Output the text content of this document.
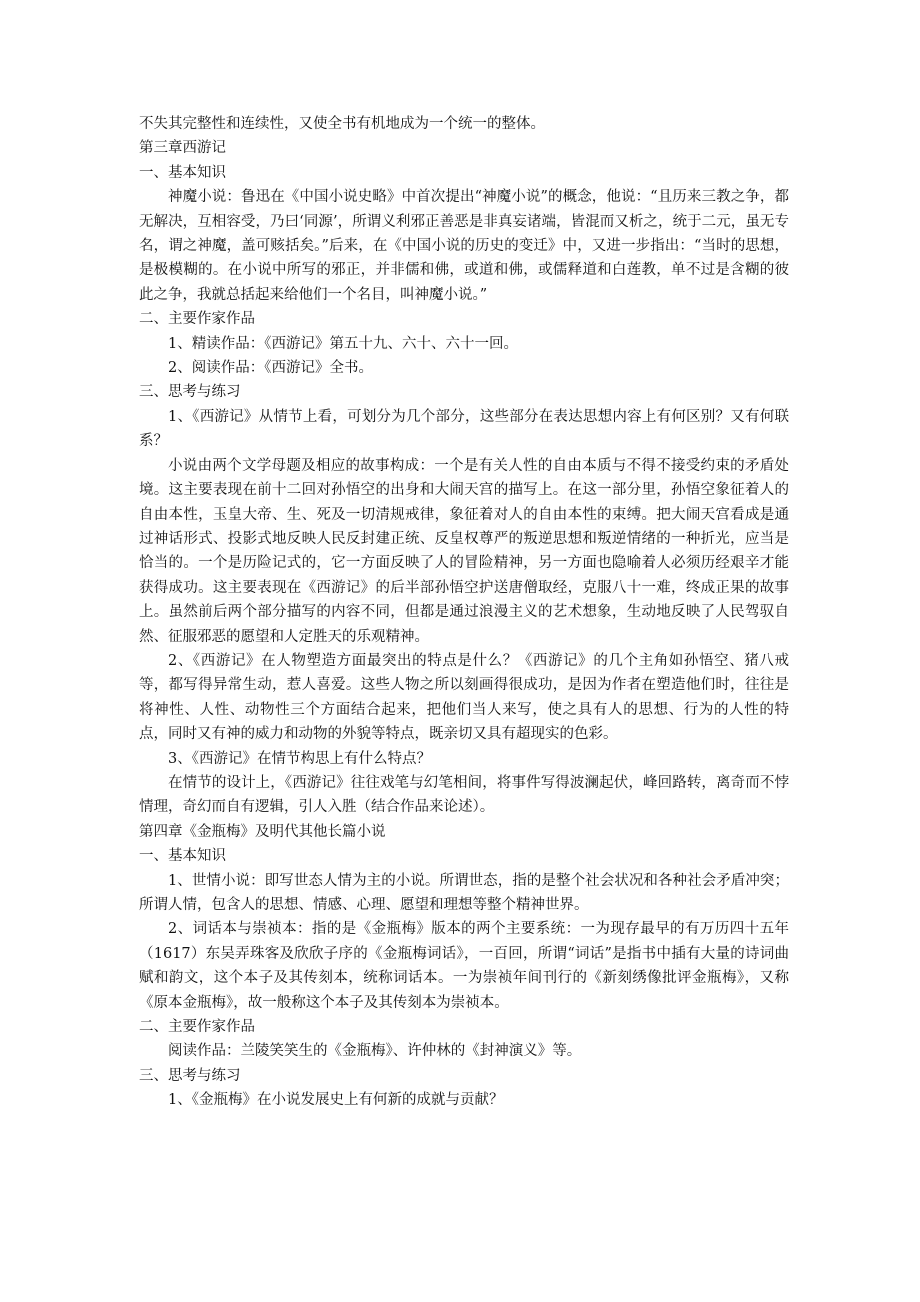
不失其完整性和连续性，又使全书有机地成为一个统一的整体。

第三章西游记

一、基本知识

神魔小说：鲁迅在《中国小说史略》中首次提出“神魔小说”的概念，他说：“且历来三教之争，都无解决，互相容受，乃曰‘同源’，所谓义利邪正善恶是非真妄诸端，皆混而又析之，统于二元，虽无专名，谓之神魔，盖可赅括矣。”后来，在《中国小说的历史的变迁》中，又进一步指出：“当时的思想，是极模糊的。在小说中所写的邪正，并非儒和佛，或道和佛，或儒释道和白莲教，单不过是含糊的彼此之争，我就总括起来给他们一个名目，叫神魔小说。”

二、主要作家作品

1、精读作品：《西游记》第五十九、六十、六十一回。

2、阅读作品：《西游记》全书。

三、思考与练习

1、《西游记》从情节上看，可划分为几个部分，这些部分在表达思想内容上有何区别？又有何联系？

小说由两个文学母题及相应的故事构成：一个是有关人性的自由本质与不得不接受约束的矛盾处境。这主要表现在前十二回对孙悟空的出身和大闹天宫的描写上。在这一部分里，孙悟空象征着人的自由本性，玉皇大帝、生、死及一切清规戒律，象征着对人的自由本性的束缚。把大闹天宫看成是通过神话形式、投影式地反映人民反封建正统、反皇权尊严的叛逆思想和叛逆情绪的一种折光，应当是恰当的。一个是历险记式的，它一方面反映了人的冒险精神，另一方面也隐喻着人必须历经艰辛才能获得成功。这主要表现在《西游记》的后半部孙悟空护送唐僧取经，克服八十一难，终成正果的故事上。虽然前后两个部分描写的内容不同，但都是通过浪漫主义的艺术想象，生动地反映了人民驾驭自然、征服邪恶的愿望和人定胜天的乐观精神。

2、《西游记》在人物塑造方面最突出的特点是什么？《西游记》的几个主角如孙悟空、猪八戒等，都写得异常生动，惹人喜爱。这些人物之所以刻画得很成功，是因为作者在塑造他们时，往往是将神性、人性、动物性三个方面结合起来，把他们当人来写，使之具有人的思想、行为的人性的特点，同时又有神的威力和动物的外貌等特点，既亲切又具有超现实的色彩。

3、《西游记》在情节构思上有什么特点？

在情节的设计上，《西游记》往往戏笔与幻笔相间，将事件写得波澜起伏，峰回路转，离奇而不悖情理，奇幻而自有逻辑，引人入胜（结合作品来论述）。

第四章《金瓶梅》及明代其他长篇小说

一、基本知识

1、世情小说：即写世态人情为主的小说。所谓世态，指的是整个社会状况和各种社会矛盾冲突；所谓人情，包含人的思想、情感、心理、愿望和理想等整个精神世界。

2、词话本与崇祯本：指的是《金瓶梅》版本的两个主要系统：一为现存最早的有万历四十五年（1617）东吴弄珠客及欣欣子序的《金瓶梅词话》，一百回，所谓“词话”是指书中插有大量的诗词曲赋和韵文，这个本子及其传刻本，统称词话本。一为崇祯年间刊行的《新刻绣像批评金瓶梅》，又称《原本金瓶梅》，故一般称这个本子及其传刻本为崇祯本。

二、主要作家作品

阅读作品：兰陵笑笑生的《金瓶梅》、许仲林的《封神演义》等。

三、思考与练习

1、《金瓶梅》在小说发展史上有何新的成就与贡献？
